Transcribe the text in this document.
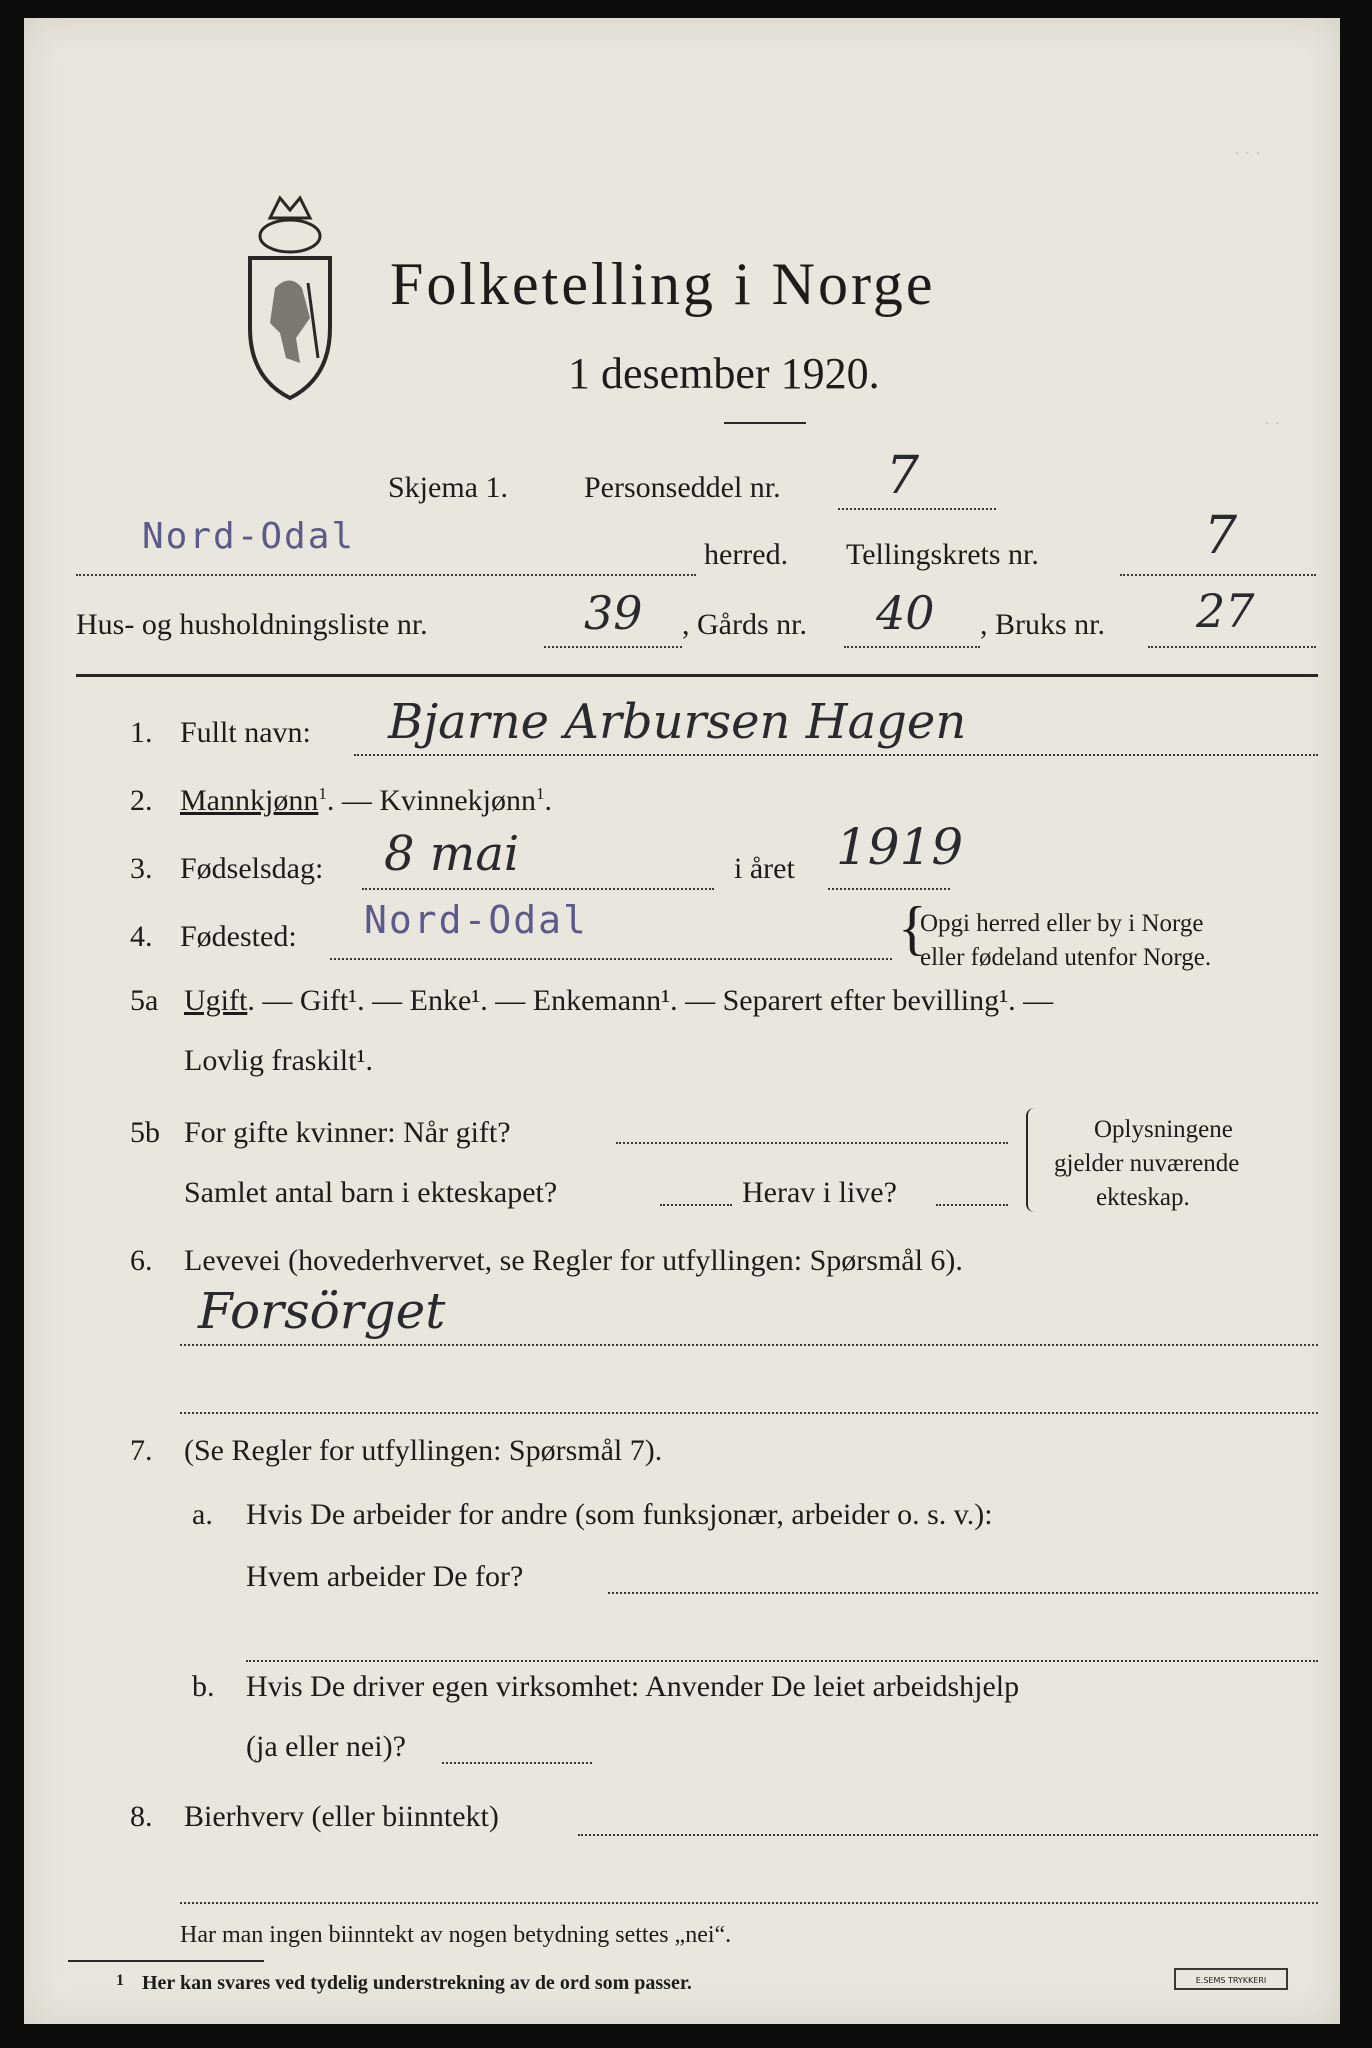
Folketelling i Norge
1 desember 1920.
· · ·
· ·
Skjema 1.	Personseddel nr. 7
Nord-Odal	herred. Tellingskrets nr.	7
Hus- og husholdningsliste nr.	39 , Gårds nr. 40 , Bruks nr. 27
1. Fullt navn: Bjarne Arbursen Hagen
2. Mannkjønn$^1$. — Kvinnekjønn$^1$.
3. Fødselsdag: 8 mai	i året 1919
4. Fødested: Nord-Odal	{
Opgi herred eller by i Norge
eller fødeland utenfor Norge.
5a Ugift. — Gift¹. — Enke¹. — Enkemann¹. — Separert efter bevilling¹. —
Lovlig fraskilt¹.
5b For gifte kvinner: Når gift?
Samlet antal barn i ekteskapet?	Herav i live?
Oplysningene
gjelder nuværende
ekteskap.
6. Levevei (hovederhvervet, se Regler for utfyllingen: Spørsmål 6).
Forsörget
7. (Se Regler for utfyllingen: Spørsmål 7).
a. Hvis De arbeider for andre (som funksjonær, arbeider o. s. v.):
Hvem arbeider De for?
b. Hvis De driver egen virksomhet: Anvender De leiet arbeidshjelp
(ja eller nei)?
8. Bierhverv (eller biinntekt)
Har man ingen biinntekt av nogen betydning settes „nei“.
1 Her kan svares ved tydelig understrekning av de ord som passer.	E.SEMS TRYKKERI
